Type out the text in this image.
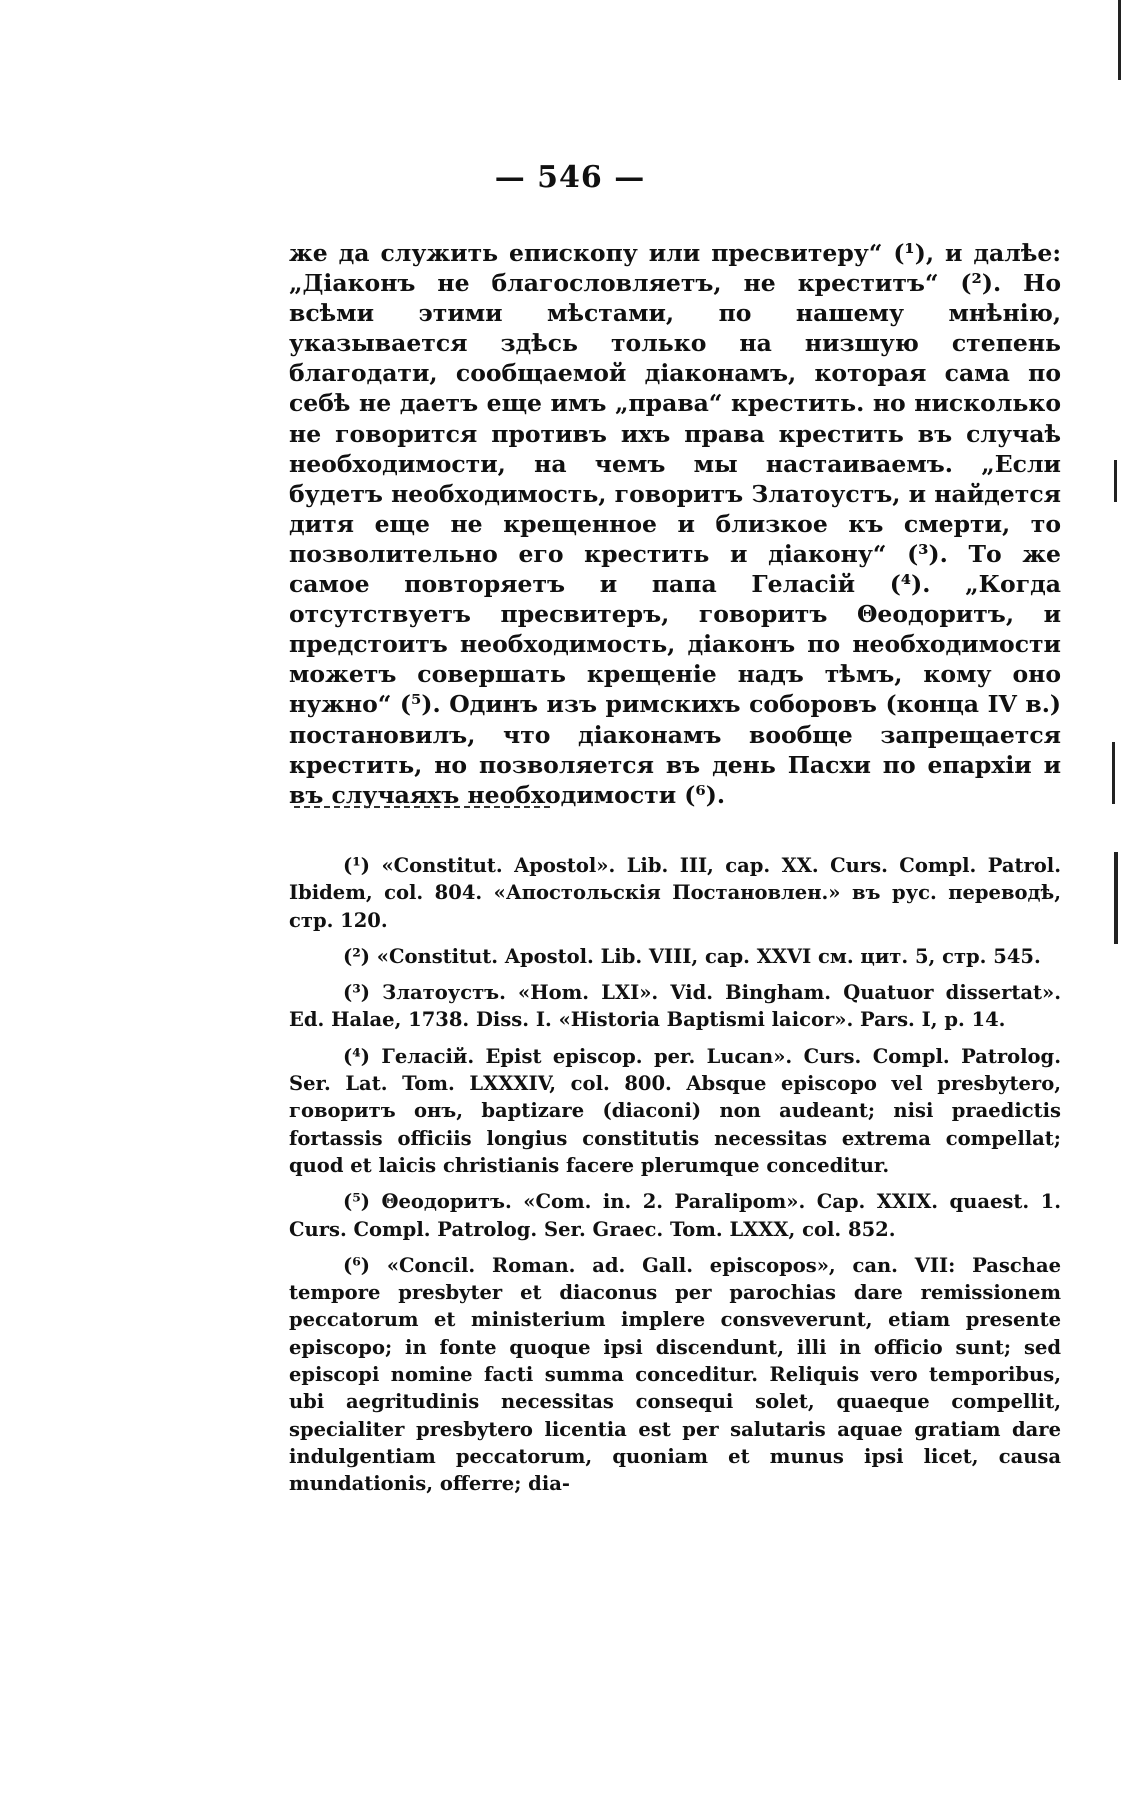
— 546 —

же да служить епископу или пресвитеру“ (¹), и далѣе: „Діаконъ не благословляетъ, не креститъ“ (²). Но всѣми этими мѣстами, по нашему мнѣнію, указывается здѣсь только на низшую степень благодати, сообщаемой діаконамъ, которая сама по себѣ не даетъ еще имъ „права“ крестить. но нисколько не говорится противъ ихъ права крестить въ случаѣ необходимости, на чемъ мы настаиваемъ. „Если будетъ необходимость, говоритъ Златоустъ, и найдется дитя еще не крещенное и близкое къ смерти, то позволительно его крестить и діакону“ (³). То же самое повторяетъ и папа Геласій (⁴). „Когда отсутствуетъ пресвитеръ, говоритъ Θеодоритъ, и предстоитъ необходимость, діаконъ по необходимости можетъ совершать крещеніе надъ тѣмъ, кому оно нужно“ (⁵). Одинъ изъ римскихъ соборовъ (конца IV в.) постановилъ, что діаконамъ вообще запрещается крестить, но позволяется въ день Пасхи по епархіи и въ случаяхъ необходимости (⁶).

(¹) «Constitut. Apostol». Lib. III, cap. XX. Curs. Compl. Patrol. Ibidem, col. 804. «Апостольскія Постановлен.» въ рус. переводѣ, стр. 120.

(²) «Constitut. Apostol. Lib. VIII, cap. XXVI см. цит. 5, стр. 545.

(³) Златоустъ. «Hom. LXI». Vid. Bingham. Quatuor dissertat». Ed. Halae, 1738. Diss. I. «Historia Baptismi laicor». Pars. I, p. 14.

(⁴) Геласій. Epist episcop. per. Lucan». Curs. Compl. Patrolog. Ser. Lat. Tom. LXXXIV, col. 800. Absque episcopo vel presbytero, говоритъ онъ, baptizare (diaconi) non audeant; nisi praedictis fortassis officiis longius constitutis necessitas extrema compellat; quod et laicis christianis facere plerumque conceditur.

(⁵) Θеодоритъ. «Com. in. 2. Paralipom». Cap. XXIX. quaest. 1. Curs. Compl. Patrolog. Ser. Graec. Tom. LXXX, col. 852.

(⁶) «Concil. Roman. ad. Gall. episcopos», can. VII: Paschae tempore presbyter et diaconus per parochias dare remissionem peccatorum et ministerium implere consveverunt, etiam presente episcopo; in fonte quoque ipsi discendunt, illi in officio sunt; sed episcopi nomine facti summa conceditur. Reliquis vero temporibus, ubi aegritudinis necessitas consequi solet, quaeque compellit, specialiter presbytero licentia est per salutaris aquae gratiam dare indulgentiam peccatorum, quoniam et munus ipsi licet, causa mundationis, offerre; dia-
